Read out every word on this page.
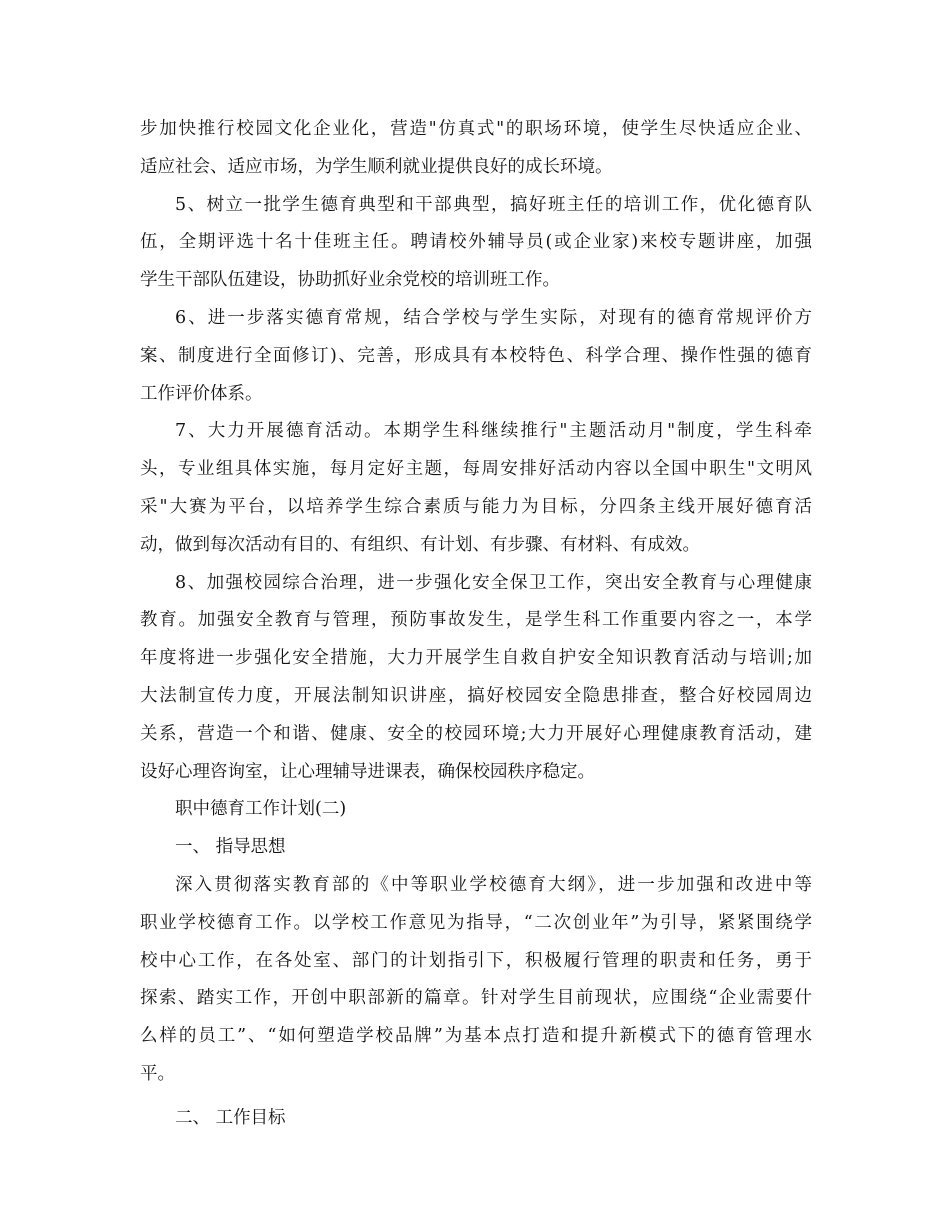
步加快推行校园文化企业化，营造"仿真式"的职场环境，使学生尽快适应企业、
适应社会、适应市场，为学生顺利就业提供良好的成长环境。
5、树立一批学生德育典型和干部典型，搞好班主任的培训工作，优化德育队
伍，全期评选十名十佳班主任。聘请校外辅导员(或企业家)来校专题讲座，加强
学生干部队伍建设，协助抓好业余党校的培训班工作。
6、进一步落实德育常规，结合学校与学生实际，对现有的德育常规评价方
案、制度进行全面修订)、完善，形成具有本校特色、科学合理、操作性强的德育
工作评价体系。
7、大力开展德育活动。本期学生科继续推行"主题活动月"制度，学生科牵
头，专业组具体实施，每月定好主题，每周安排好活动内容以全国中职生"文明风
采"大赛为平台，以培养学生综合素质与能力为目标，分四条主线开展好德育活
动，做到每次活动有目的、有组织、有计划、有步骤、有材料、有成效。
8、加强校园综合治理，进一步强化安全保卫工作，突出安全教育与心理健康
教育。加强安全教育与管理，预防事故发生，是学生科工作重要内容之一，本学
年度将进一步强化安全措施，大力开展学生自救自护安全知识教育活动与培训;加
大法制宣传力度，开展法制知识讲座，搞好校园安全隐患排查，整合好校园周边
关系，营造一个和谐、健康、安全的校园环境;大力开展好心理健康教育活动，建
设好心理咨询室，让心理辅导进课表，确保校园秩序稳定。
职中德育工作计划(二)
一、 指导思想
深入贯彻落实教育部的《中等职业学校德育大纲》，进一步加强和改进中等
职业学校德育工作。以学校工作意见为指导，“二次创业年”为引导，紧紧围绕学
校中心工作，在各处室、部门的计划指引下，积极履行管理的职责和任务，勇于
探索、踏实工作，开创中职部新的篇章。针对学生目前现状，应围绕“企业需要什
么样的员工”、“如何塑造学校品牌”为基本点打造和提升新模式下的德育管理水
平。
二、 工作目标
